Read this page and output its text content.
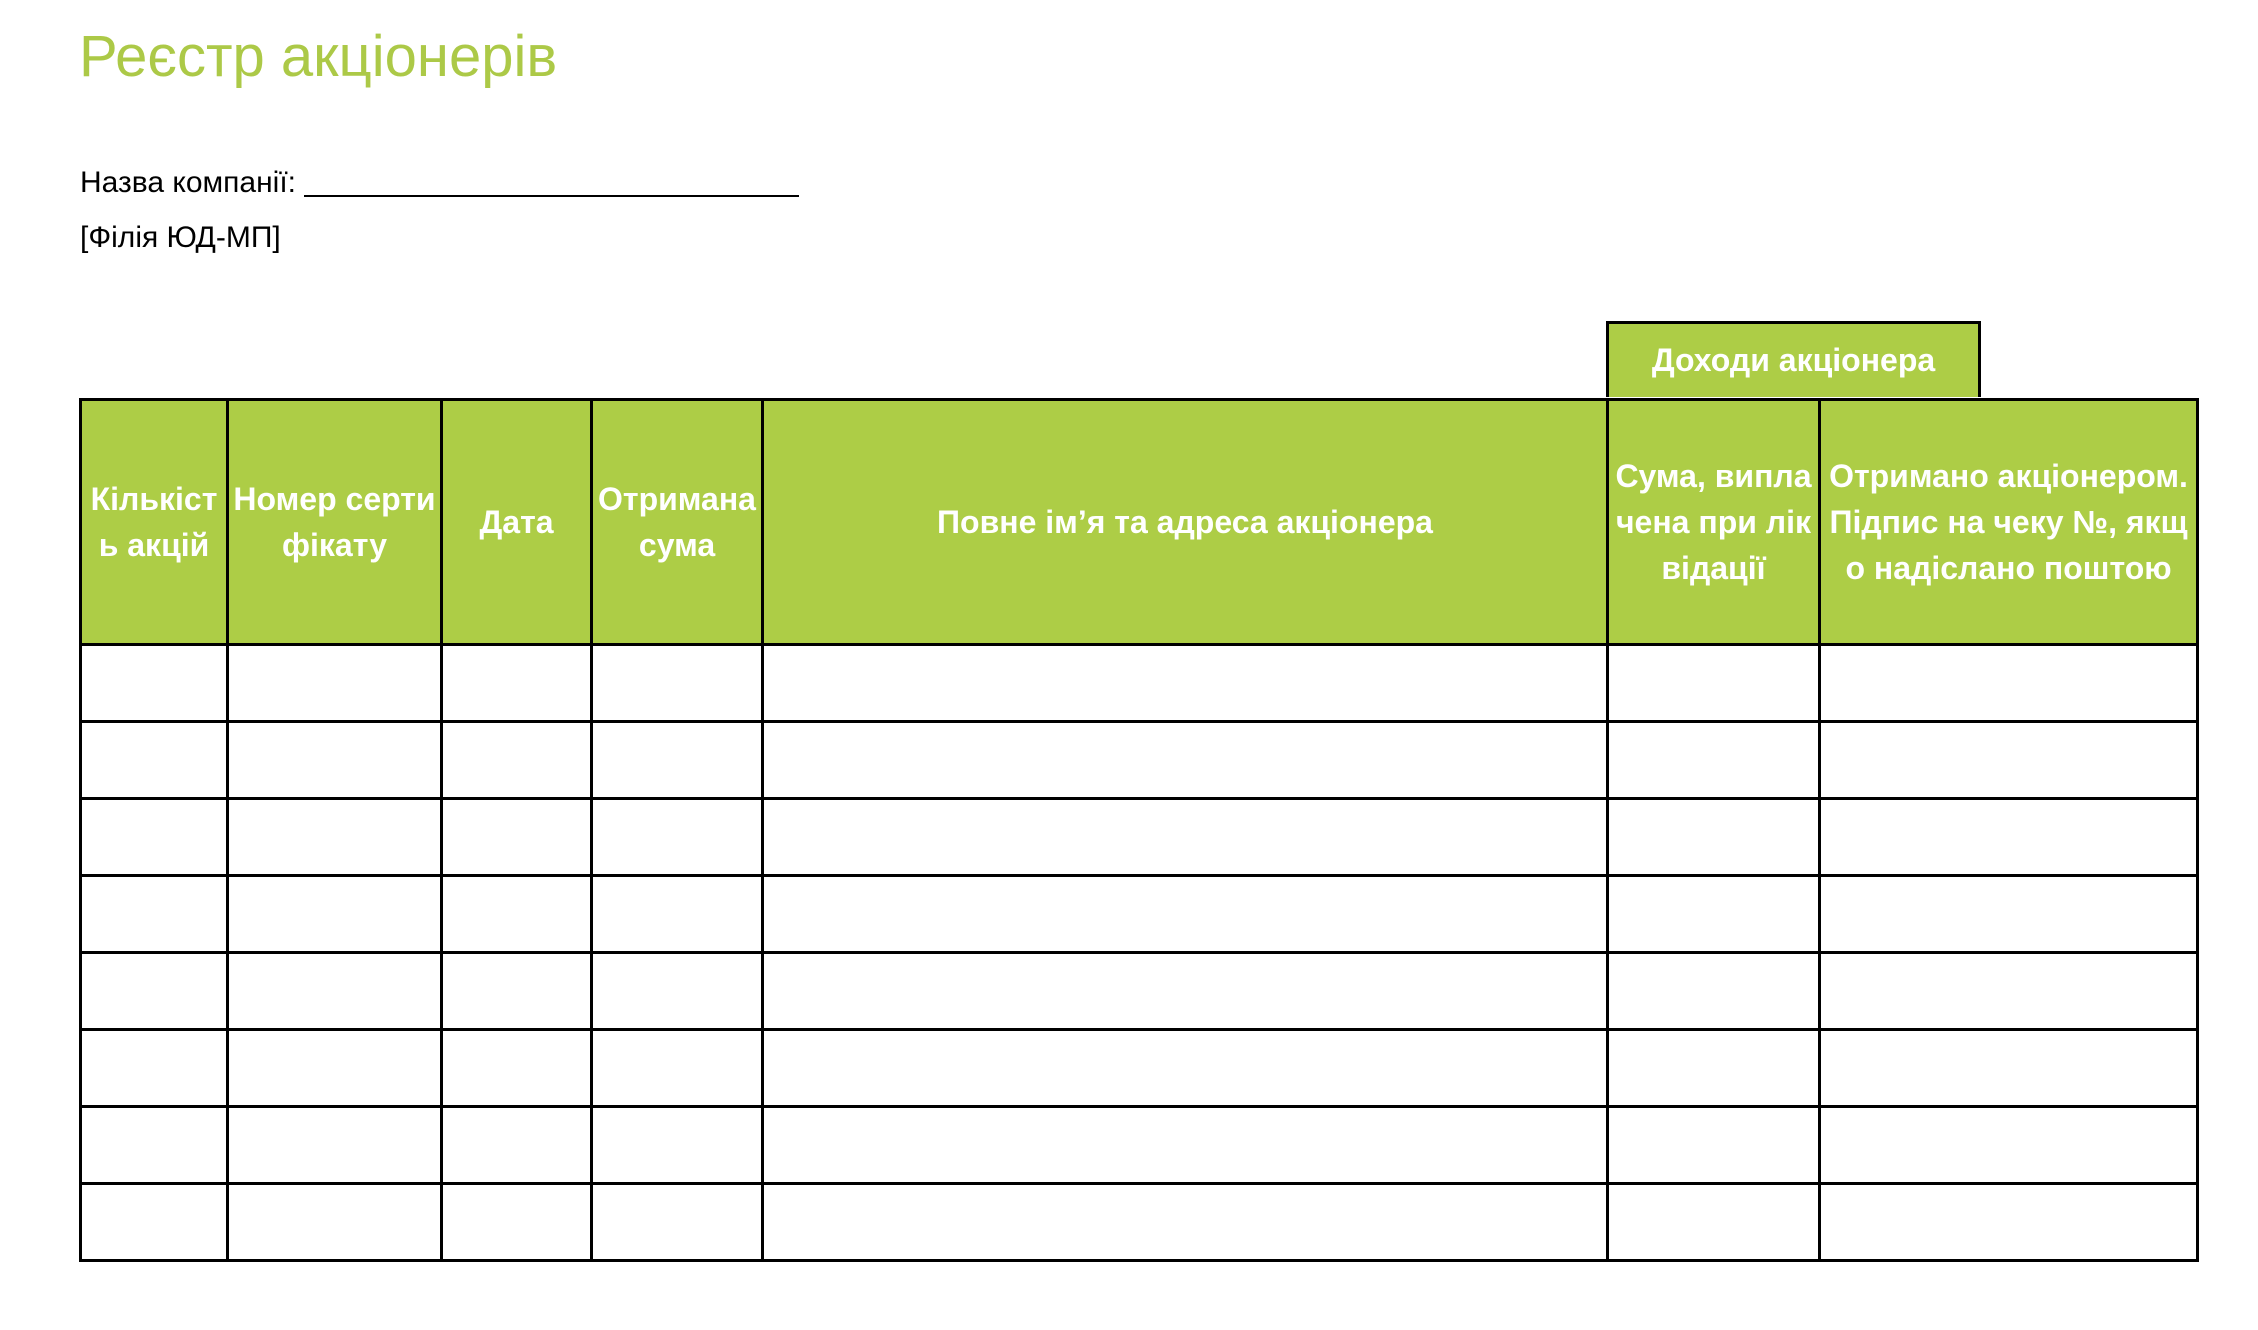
Реєстр акціонерів
Назва компанії:
[Філія ЮД-МП]
Доходи акціонера
Кількість акцій	Номер сертифікату	Дата	Отримана сума	Повне ім’я та адреса акціонера	Сума, виплачена при ліквідації	Отримано акціонером. Підпис на чеку №, якщо надіслано поштою
